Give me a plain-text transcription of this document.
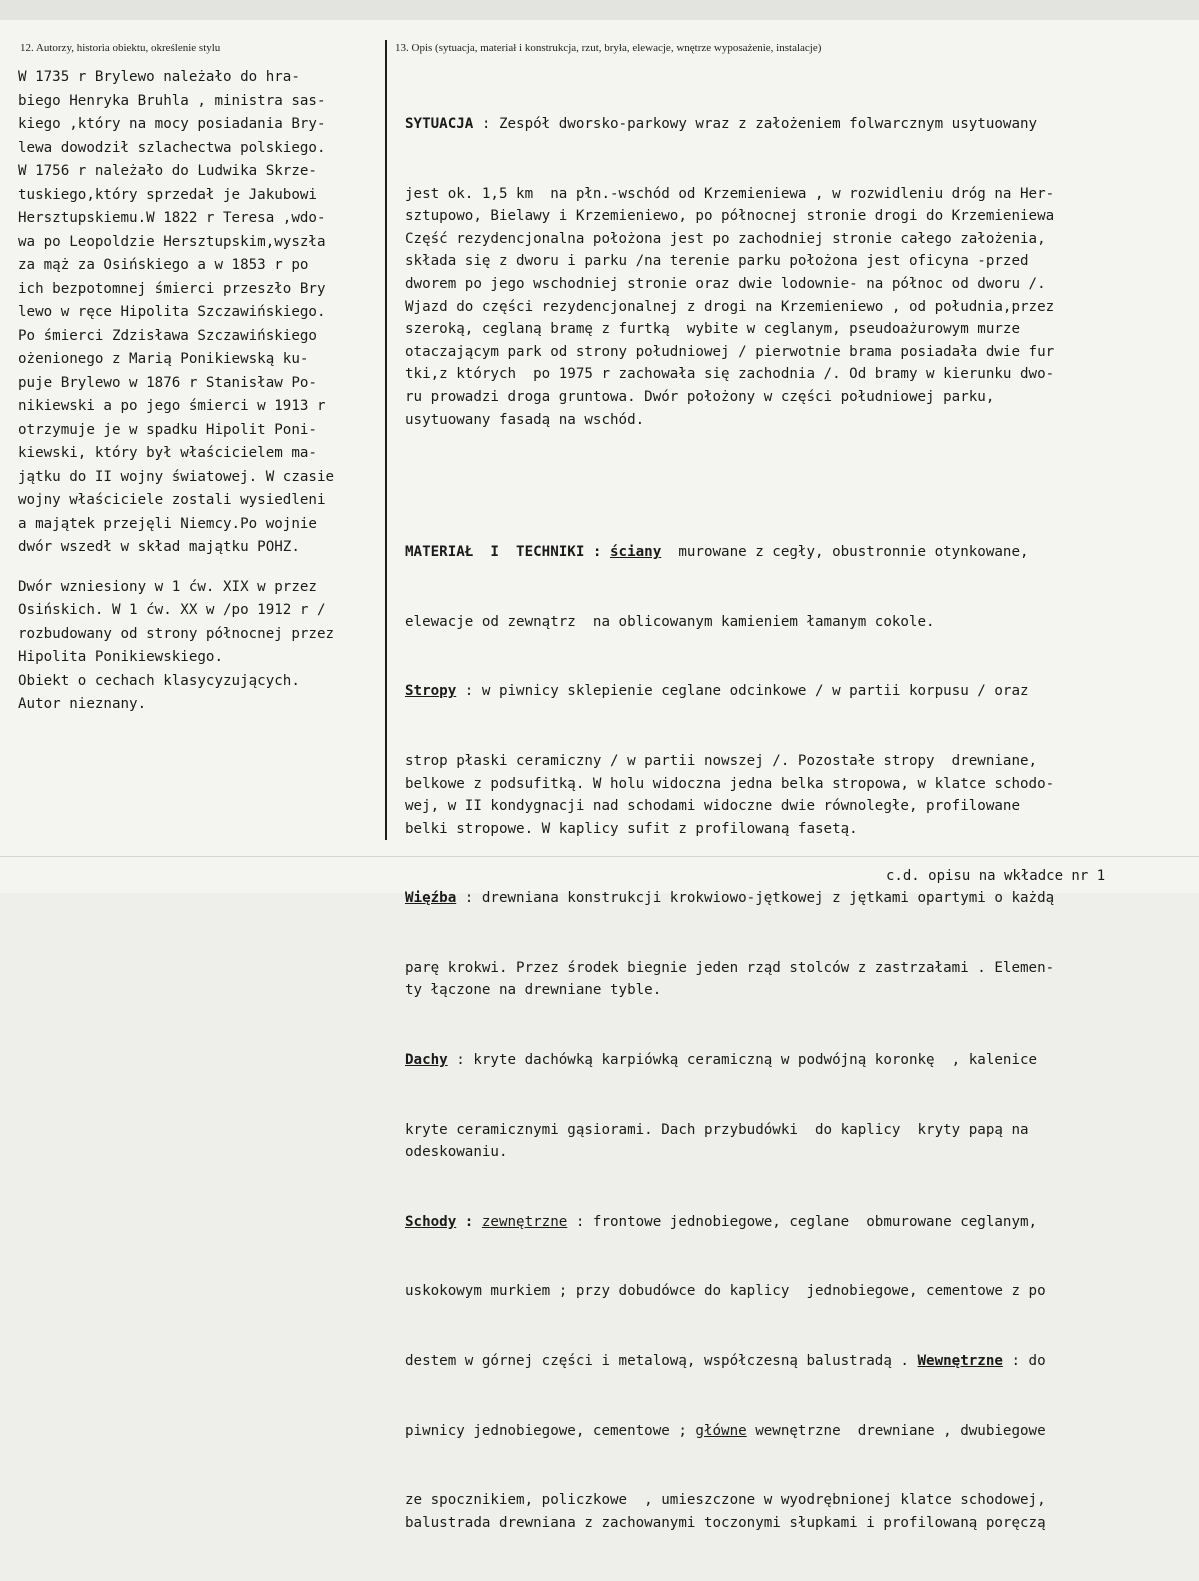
12. Autorzy, historia obiektu, określenie stylu	13. Opis (sytuacja, materiał i konstrukcja, rzut, bryła, elewacje, wnętrze wyposażenie, instalacje)
W 1735 r Brylewo należało do hra-
biego Henryka Bruhla , ministra sas-
kiego ,który na mocy posiadania Bry-
lewa dowodził szlachectwa polskiego.
W 1756 r należało do Ludwika Skrze-
tuskiego,który sprzedał je Jakubowi
Hersztupskiemu.W 1822 r Teresa ,wdo-
wa po Leopoldzie Hersztupskim,wyszła
za mąż za Osińskiego a w 1853 r po
ich bezpotomnej śmierci przeszło Bry
lewo w ręce Hipolita Szczawińskiego.
Po śmierci Zdzisława Szczawińskiego
ożenionego z Marią Ponikiewską ku-
puje Brylewo w 1876 r Stanisław Po-
nikiewski a po jego śmierci w 1913 r
otrzymuje je w spadku Hipolit Poni-
kiewski, który był właścicielem ma-
jątku do II wojny światowej. W czasie
wojny właściciele zostali wysiedleni
a majątek przejęli Niemcy.Po wojnie
dwór wszedł w skład majątku POHZ.
Dwór wzniesiony w 1 ćw. XIX w przez
Osińskich. W 1 ćw. XX w /po 1912 r /
rozbudowany od strony północnej przez
Hipolita Ponikiewskiego.
Obiekt o cechach klasycyzujących.
Autor nieznany.

SYTUACJA : Zespół dworsko-parkowy wraz z założeniem folwarcznym usytuowany

jest ok. 1,5 km  na płn.-wschód od Krzemieniewa , w rozwidleniu dróg na Her-
sztupowo, Bielawy i Krzemieniewo, po północnej stronie drogi do Krzemieniewa
Część rezydencjonalna położona jest po zachodniej stronie całego założenia,
składa się z dworu i parku /na terenie parku położona jest oficyna -przed
dworem po jego wschodniej stronie oraz dwie lodownie- na północ od dworu /.
Wjazd do części rezydencjonalnej z drogi na Krzemieniewo , od południa,przez
szeroką, ceglaną bramę z furtką  wybite w ceglanym, pseudoażurowym murze
otaczającym park od strony południowej / pierwotnie brama posiadała dwie fur
tki,z których  po 1975 r zachowała się zachodnia /. Od bramy w kierunku dwo-
ru prowadzi droga gruntowa. Dwór położony w części południowej parku,
usytuowany fasadą na wschód.

MATERIAŁ  I  TECHNIKI : ściany  murowane z cegły, obustronnie otynkowane,

elewacje od zewnątrz  na oblicowanym kamieniem łamanym cokole.

Stropy : w piwnicy sklepienie ceglane odcinkowe / w partii korpusu / oraz

strop płaski ceramiczny / w partii nowszej /. Pozostałe stropy  drewniane,
belkowe z podsufitką. W holu widoczna jedna belka stropowa, w klatce schodo-
wej, w II kondygnacji nad schodami widoczne dwie równoległe, profilowane
belki stropowe. W kaplicy sufit z profilowaną fasetą.

Więźba : drewniana konstrukcji krokwiowo-jętkowej z jętkami opartymi o każdą

parę krokwi. Przez środek biegnie jeden rząd stolców z zastrzałami . Elemen-
ty łączone na drewniane tyble.

Dachy : kryte dachówką karpiówką ceramiczną w podwójną koronkę  , kalenice

kryte ceramicznymi gąsiorami. Dach przybudówki  do kaplicy  kryty papą na
odeskowaniu.

Schody : zewnętrzne : frontowe jednobiegowe, ceglane  obmurowane ceglanym,

uskokowym murkiem ; przy dobudówce do kaplicy  jednobiegowe, cementowe z po

destem w górnej części i metalową, współczesną balustradą . Wewnętrzne : do

piwnicy jednobiegowe, cementowe ; główne wewnętrzne  drewniane , dwubiegowe

ze spocznikiem, policzkowe  , umieszczone w wyodrębnionej klatce schodowej,
balustrada drewniana z zachowanymi toczonymi słupkami i profilowaną poręczą

c.d. opisu na wkładce nr 1
